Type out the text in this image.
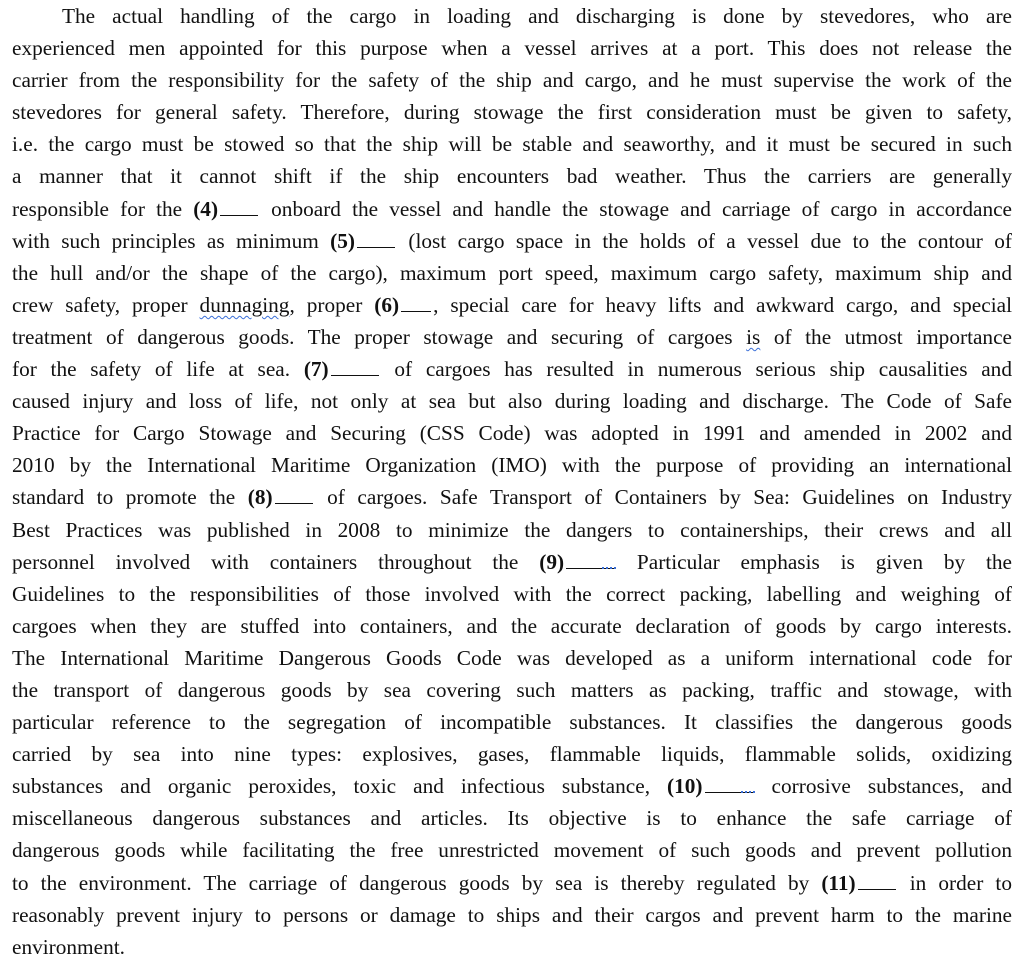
The actual handling of the cargo in loading and discharging is done by stevedores, who are
experienced men appointed for this purpose when a vessel arrives at a port. This does not release the
carrier from the responsibility for the safety of the ship and cargo, and he must supervise the work of the
stevedores for general safety. Therefore, during stowage the first consideration must be given to safety,
i.e. the cargo must be stowed so that the ship will be stable and seaworthy, and it must be secured in such
a manner that it cannot shift if the ship encounters bad weather. Thus the carriers are generally
responsible for the (4) onboard the vessel and handle the stowage and carriage of cargo in accordance
with such principles as minimum (5) (lost cargo space in the holds of a vessel due to the contour of
the hull and/or the shape of the cargo), maximum port speed, maximum cargo safety, maximum ship and
crew safety, proper dunnaging, proper (6) , special care for heavy lifts and awkward cargo, and special
treatment of dangerous goods. The proper stowage and securing of cargoes is of the utmost importance
for the safety of life at sea. (7) of cargoes has resulted in numerous serious ship causalities and
caused injury and loss of life, not only at sea but also during loading and discharge. The Code of Safe
Practice for Cargo Stowage and Securing (CSS Code) was adopted in 1991 and amended in 2002 and
2010 by the International Maritime Organization (IMO) with the purpose of providing an international
standard to promote the (8) of cargoes. Safe Transport of Containers by Sea: Guidelines on Industry
Best Practices was published in 2008 to minimize the dangers to containerships, their crews and all
personnel involved with containers throughout the (9) Particular emphasis is given by the
Guidelines to the responsibilities of those involved with the correct packing, labelling and weighing of
cargoes when they are stuffed into containers, and the accurate declaration of goods by cargo interests.
The International Maritime Dangerous Goods Code was developed as a uniform international code for
the transport of dangerous goods by sea covering such matters as packing, traffic and stowage, with
particular reference to the segregation of incompatible substances. It classifies the dangerous goods
carried by sea into nine types: explosives, gases, flammable liquids, flammable solids, oxidizing
substances and organic peroxides, toxic and infectious substance, (10) corrosive substances, and
miscellaneous dangerous substances and articles. Its objective is to enhance the safe carriage of
dangerous goods while facilitating the free unrestricted movement of such goods and prevent pollution
to the environment. The carriage of dangerous goods by sea is thereby regulated by (11) in order to
reasonably prevent injury to persons or damage to ships and their cargos and prevent harm to the marine
environment.
